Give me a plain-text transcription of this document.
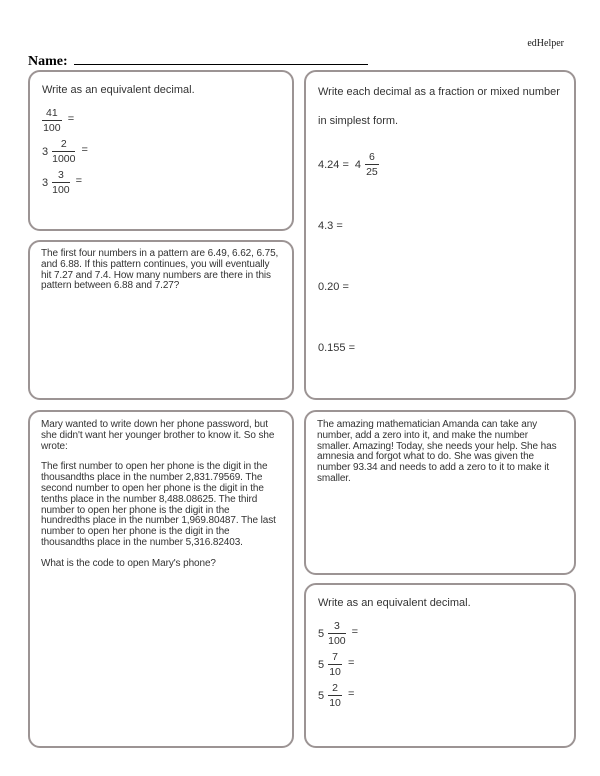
edHelper
Name:
Write as an equivalent decimal.
$\frac{41}{100}$ =
$3 \frac{2}{1000}$ =
$3 \frac{3}{100}$ =

The first four numbers in a pattern are 6.49, 6.62, 6.75, and 6.88. If this pattern continues, you will eventually hit 7.27 and 7.4. How many numbers are there in this pattern between 6.88 and 7.27?

Mary wanted to write down her phone password, but she didn't want her younger brother to know it. So she wrote:

The first number to open her phone is the digit in the thousandths place in the number 2,831.79569. The second number to open her phone is the digit in the tenths place in the number 8,488.08625. The third number to open her phone is the digit in the hundredths place in the number 1,969.80487. The last number to open her phone is the digit in the thousandths place in the number 5,316.82403.

What is the code to open Mary's phone?

Write each decimal as a fraction or mixed number
in simplest form.
$4.24 = 4 \frac{6}{25}$
4.3 =
0.20 =
0.155 =

The amazing mathematician Amanda can take any number, add a zero into it, and make the number smaller. Amazing! Today, she needs your help. She has amnesia and forgot what to do. She was given the number 93.34 and needs to add a zero to it to make it smaller.

Write as an equivalent decimal.
$5 \frac{3}{100}$ =
$5 \frac{7}{10}$ =
$5 \frac{2}{10}$ =
